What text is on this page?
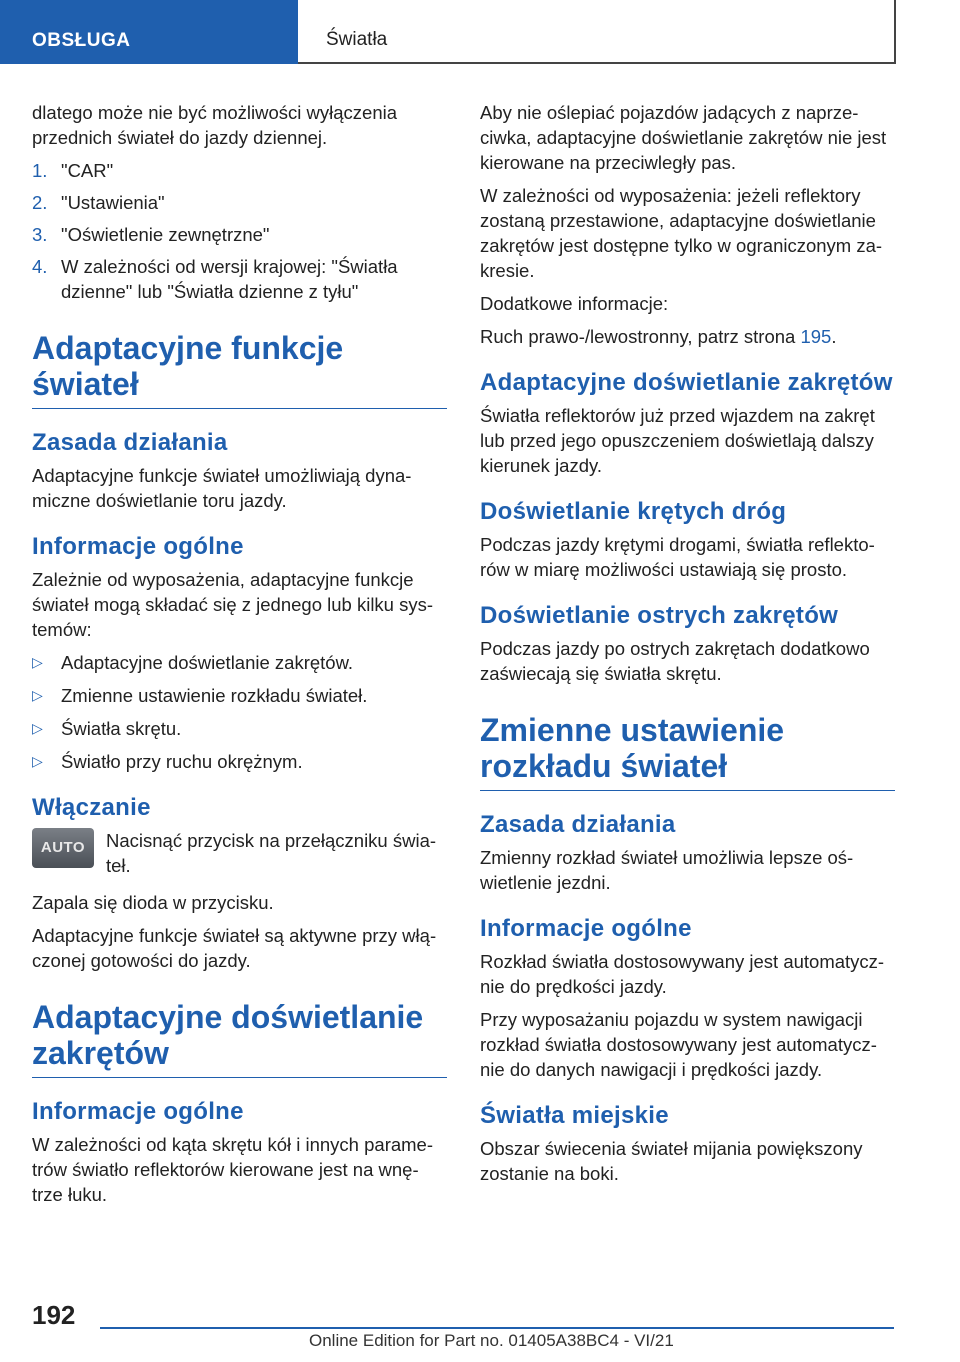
OBSŁUGA	Światła

dlatego może nie być możliwości wyłączenia przednich świateł do jazdy dziennej.

1. "CAR"
2. "Ustawienia"
3. "Oświetlenie zewnętrzne"
4. W zależności od wersji krajowej: "Światła dzienne" lub "Światła dzienne z tyłu"
Adaptacyjne funkcje świateł
Zasada działania

Adaptacyjne funkcje świateł umożliwiają dyna-miczne doświetlanie toru jazdy.

Informacje ogólne

Zależnie od wyposażenia, adaptacyjne funkcje świateł mogą składać się z jednego lub kilku sys-temów:

▷ Adaptacyjne doświetlanie zakrętów.
▷ Zmienne ustawienie rozkładu świateł.
▷ Światła skrętu.
▷ Światło przy ruchu okrężnym.
Włączanie
AUTO	Nacisnąć przycisk na przełączniku świa-teł.

Zapala się dioda w przycisku.

Adaptacyjne funkcje świateł są aktywne przy włą-czonej gotowości do jazdy.

Adaptacyjne doświetlanie zakrętów
Informacje ogólne

W zależności od kąta skrętu kół i innych parame-trów światło reflektorów kierowane jest na wnę-trze łuku.

Aby nie oślepiać pojazdów jadących z naprze-ciwka, adaptacyjne doświetlanie zakrętów nie jest kierowane na przeciwległy pas.

W zależności od wyposażenia: jeżeli reflektory zostaną przestawione, adaptacyjne doświetlanie zakrętów jest dostępne tylko w ograniczonym za-kresie.

Dodatkowe informacje:

Ruch prawo-/lewostronny, patrz strona 195.

Adaptacyjne doświetlanie zakrętów

Światła reflektorów już przed wjazdem na zakręt lub przed jego opuszczeniem doświetlają dalszy kierunek jazdy.

Doświetlanie krętych dróg

Podczas jazdy krętymi drogami, światła reflekto-rów w miarę możliwości ustawiają się prosto.

Doświetlanie ostrych zakrętów

Podczas jazdy po ostrych zakrętach dodatkowo zaświecają się światła skrętu.

Zmienne ustawienie rozkładu świateł
Zasada działania

Zmienny rozkład świateł umożliwia lepsze oś-wietlenie jezdni.

Informacje ogólne

Rozkład światła dostosowywany jest automatycz-nie do prędkości jazdy.

Przy wyposażaniu pojazdu w system nawigacji rozkład światła dostosowywany jest automatycz-nie do danych nawigacji i prędkości jazdy.

Światła miejskie

Obszar świecenia świateł mijania powiększony zostanie na boki.

192
Online Edition for Part no. 01405A38BC4 - VI/21
